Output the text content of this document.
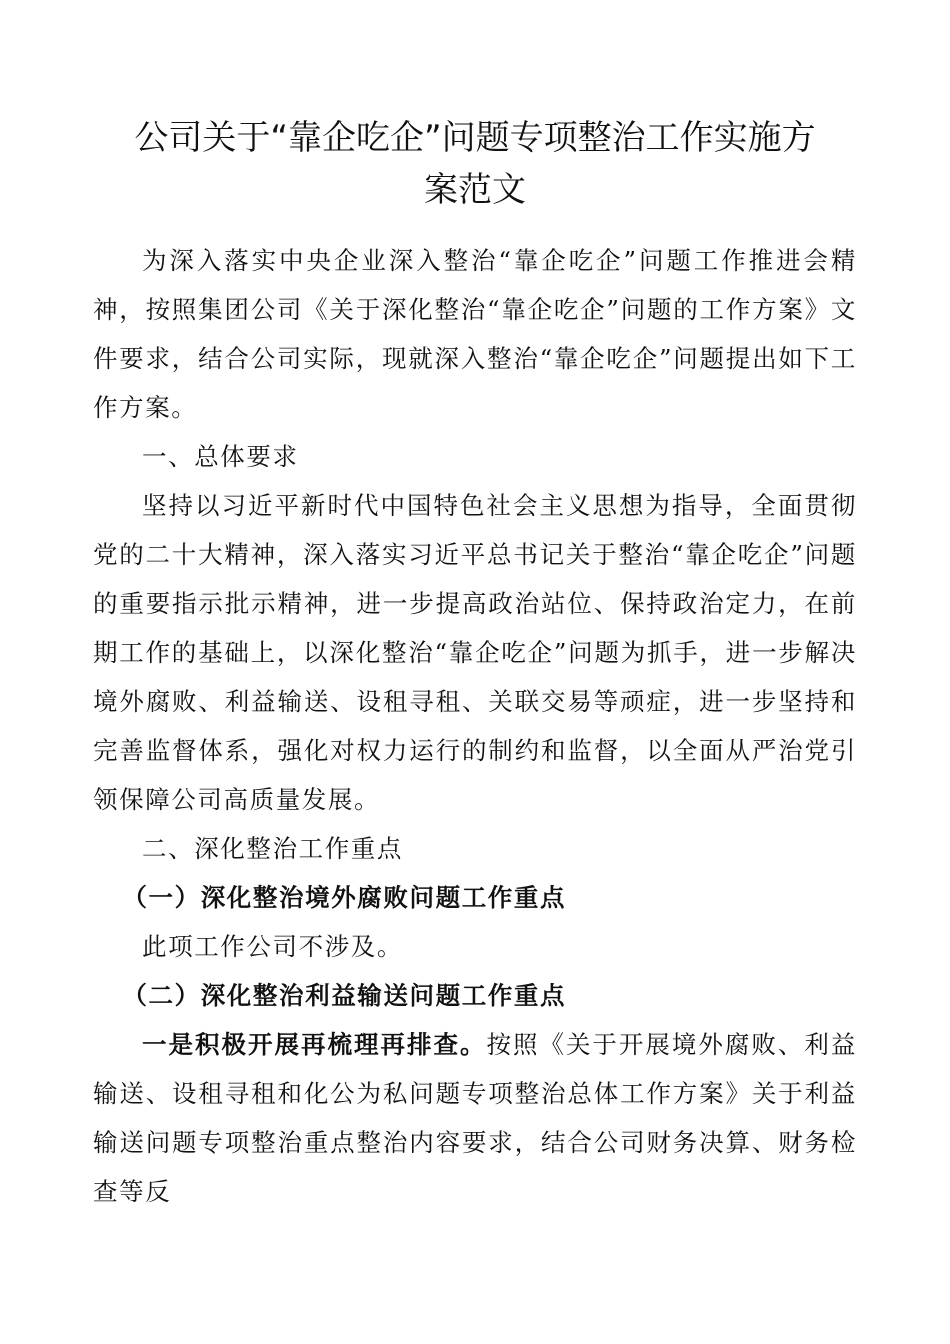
公司关于“靠企吃企”问题专项整治工作实施方
案范文

为深入落实中央企业深入整治“靠企吃企”问题工作推进会精神，按照集团公司《关于深化整治“靠企吃企”问题的工作方案》文件要求，结合公司实际，现就深入整治“靠企吃企”问题提出如下工作方案。

一、总体要求

坚持以习近平新时代中国特色社会主义思想为指导，全面贯彻党的二十大精神，深入落实习近平总书记关于整治“靠企吃企”问题的重要指示批示精神，进一步提高政治站位、保持政治定力，在前期工作的基础上，以深化整治“靠企吃企”问题为抓手，进一步解决境外腐败、利益输送、设租寻租、关联交易等顽症，进一步坚持和完善监督体系，强化对权力运行的制约和监督，以全面从严治党引领保障公司高质量发展。

二、深化整治工作重点

（一）深化整治境外腐败问题工作重点

此项工作公司不涉及。

（二）深化整治利益输送问题工作重点

一是积极开展再梳理再排查。按照《关于开展境外腐败、利益输送、设租寻租和化公为私问题专项整治总体工作方案》关于利益输送问题专项整治重点整治内容要求，结合公司财务决算、财务检查等反
